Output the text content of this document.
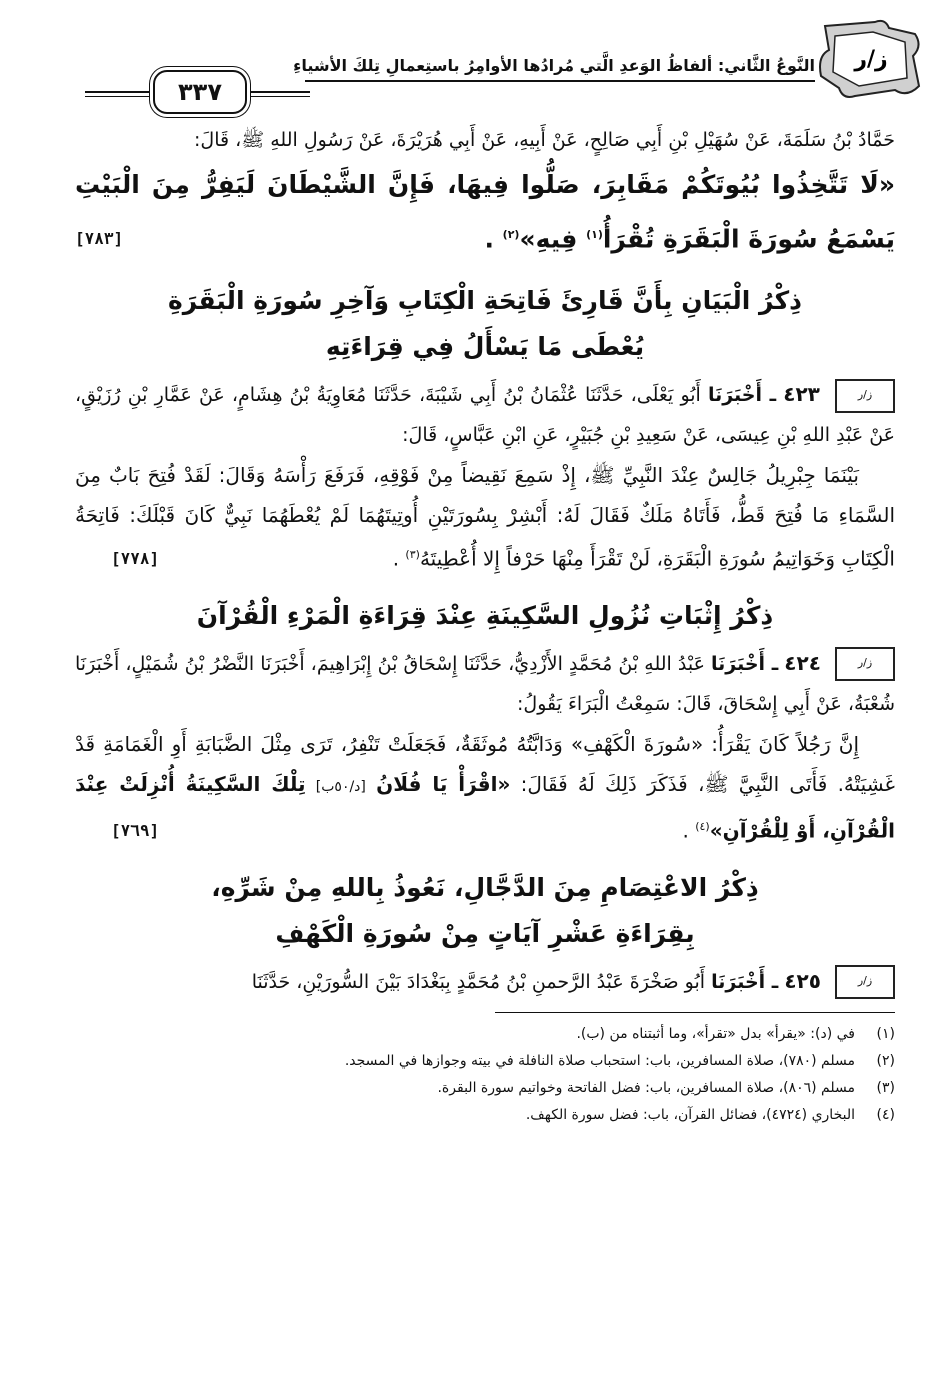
ز/ر
النَّوعُ الثَّاني: ألفاظُ الوَعدِ الَّتي مُرادُها الأوامِرُ باستِعمالِ تِلكَ الأشياءِ
٣٣٧

حَمَّادُ بْنُ سَلَمَةَ، عَنْ سُهَيْلِ بْنِ أَبِي صَالِحٍ، عَنْ أَبِيهِ، عَنْ أَبِي هُرَيْرَةَ، عَنْ رَسُولِ اللهِ ﷺ، قَالَ:

«لَا تَتَّخِذُوا بُيُوتَكُمْ مَقَابِرَ، صَلُّوا فِيهَا، فَإِنَّ الشَّيْطَانَ لَيَفِرُّ مِنَ الْبَيْتِ يَسْمَعُ سُورَةَ الْبَقَرَةِ تُقْرَأُ$^{(١)}$ فِيهِ»$^{(٢)}$ .
[٧٨٣]

ذِكْرُ الْبَيَانِ بِأَنَّ قَارِئَ فَاتِحَةِ الْكِتَابِ وَآخِرِ سُورَةِ الْبَقَرَةِ

يُعْطَى مَا يَسْأَلُ فِي قِرَاءَتِهِ

ز/ر
٤٢٣ ـ أَخْبَرَنَا أَبُو يَعْلَى، حَدَّثَنَا عُثْمَانُ بْنُ أَبِي شَيْبَةَ، حَدَّثَنَا مُعَاوِيَةُ بْنُ هِشَامٍ، عَنْ عَمَّارِ بْنِ رُزَيْقٍ، عَنْ عَبْدِ اللهِ بْنِ عِيسَى، عَنْ سَعِيدِ بْنِ جُبَيْرٍ، عَنِ ابْنِ عَبَّاسٍ، قَالَ:

بَيْنَمَا جِبْرِيلُ جَالِسٌ عِنْدَ النَّبِيِّ ﷺ، إِذْ سَمِعَ نَقِيضاً مِنْ فَوْقِهِ، فَرَفَعَ رَأْسَهُ وَقَالَ: لَقَدْ فُتِحَ بَابٌ مِنَ السَّمَاءِ مَا فُتِحَ قَطُّ، فَأَتَاهُ مَلَكٌ فَقَالَ لَهُ: أَبْشِرْ بِسُورَتَيْنِ أُوتِيتَهُمَا لَمْ يُعْطَهُمَا نَبِيٌّ كَانَ قَبْلَكَ: فَاتِحَةُ الْكِتَابِ وَخَوَاتِيمُ سُورَةِ الْبَقَرَةِ، لَنْ تَقْرَأَ مِنْهَا حَرْفاً إِلا أُعْطِيتَهُ$^{(٣)}$ .
[٧٧٨]

ذِكْرُ إِثْبَاتِ نُزُولِ السَّكِينَةِ عِنْدَ قِرَاءَةِ الْمَرْءِ الْقُرْآنَ

ز/ر
٤٢٤ ـ أَخْبَرَنَا عَبْدُ اللهِ بْنُ مُحَمَّدٍ الأَزْدِيُّ، حَدَّثَنَا إِسْحَاقُ بْنُ إِبْرَاهِيمَ، أَخْبَرَنَا النَّضْرُ بْنُ شُمَيْلٍ، أَخْبَرَنَا شُعْبَةُ، عَنْ أَبِي إِسْحَاقَ، قَالَ: سَمِعْتُ الْبَرَاءَ يَقُولُ:

إِنَّ رَجُلاً كَانَ يَقْرَأُ: «سُورَةَ الْكَهْفِ» وَدَابَّتُهُ مُوثَقَةٌ، فَجَعَلَتْ تَنْفِرُ، تَرَى مِثْلَ الضَّبَابَةِ أَوِ الْغَمَامَةِ قَدْ غَشِيَتْهُ. فَأَتَى النَّبِيَّ ﷺ، فَذَكَرَ ذَلِكَ لَهُ فَقَالَ: «اقْرَأْ يَا فُلَانُ [د/٥٠ب] تِلْكَ السَّكِينَةُ أُنْزِلَتْ عِنْدَ الْقُرْآنِ، أَوْ لِلْقُرْآنِ»$^{(٤)}$ .
[٧٦٩]

ذِكْرُ الاعْتِصَامِ مِنَ الدَّجَّالِ، نَعُوذُ بِاللهِ مِنْ شَرِّهِ،

بِقِرَاءَةِ عَشْرِ آيَاتٍ مِنْ سُورَةِ الْكَهْفِ

ز/ر
٤٢٥ ـ أَخْبَرَنَا أَبُو صَخْرَةَ عَبْدُ الرَّحمنِ بْنُ مُحَمَّدٍ بِبَغْدَادَ بَيْنَ السُّورَيْنِ، حَدَّثَنَا

(١)في (د): «يقرأ» بدل «تقرأ»، وما أثبتناه من (ب).

(٢)مسلم (٧٨٠)، صلاة المسافرين، باب: استحباب صلاة النافلة في بيته وجوازها في المسجد.

(٣)مسلم (٨٠٦)، صلاة المسافرين، باب: فضل الفاتحة وخواتيم سورة البقرة.

(٤)البخاري (٤٧٢٤)، فضائل القرآن، باب: فضل سورة الكهف.
